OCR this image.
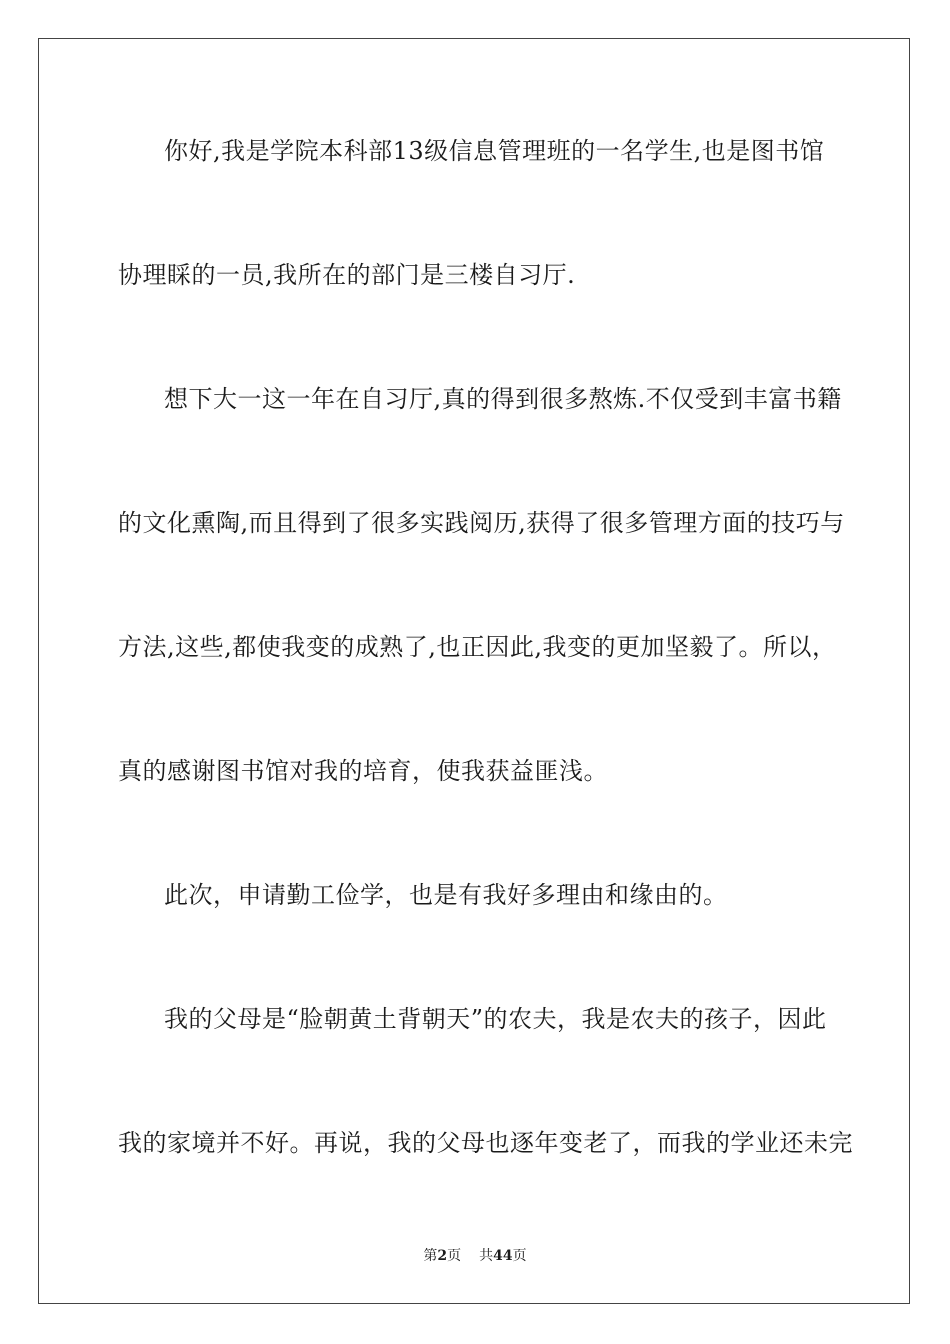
你好,我是学院本科部13级信息管理班的一名学生,也是图书馆
协理睬的一员,我所在的部门是三楼自习厅.
想下大一这一年在自习厅,真的得到很多熬炼.不仅受到丰富书籍
的文化熏陶,而且得到了很多实践阅历,获得了很多管理方面的技巧与
方法,这些,都使我变的成熟了,也正因此,我变的更加坚毅了。所以，
真的感谢图书馆对我的培育，使我获益匪浅。
此次，申请勤工俭学，也是有我好多理由和缘由的。
我的父母是“脸朝黄土背朝天”的农夫，我是农夫的孩子，因此
我的家境并不好。再说，我的父母也逐年变老了，而我的学业还未完
第2页 共44页
